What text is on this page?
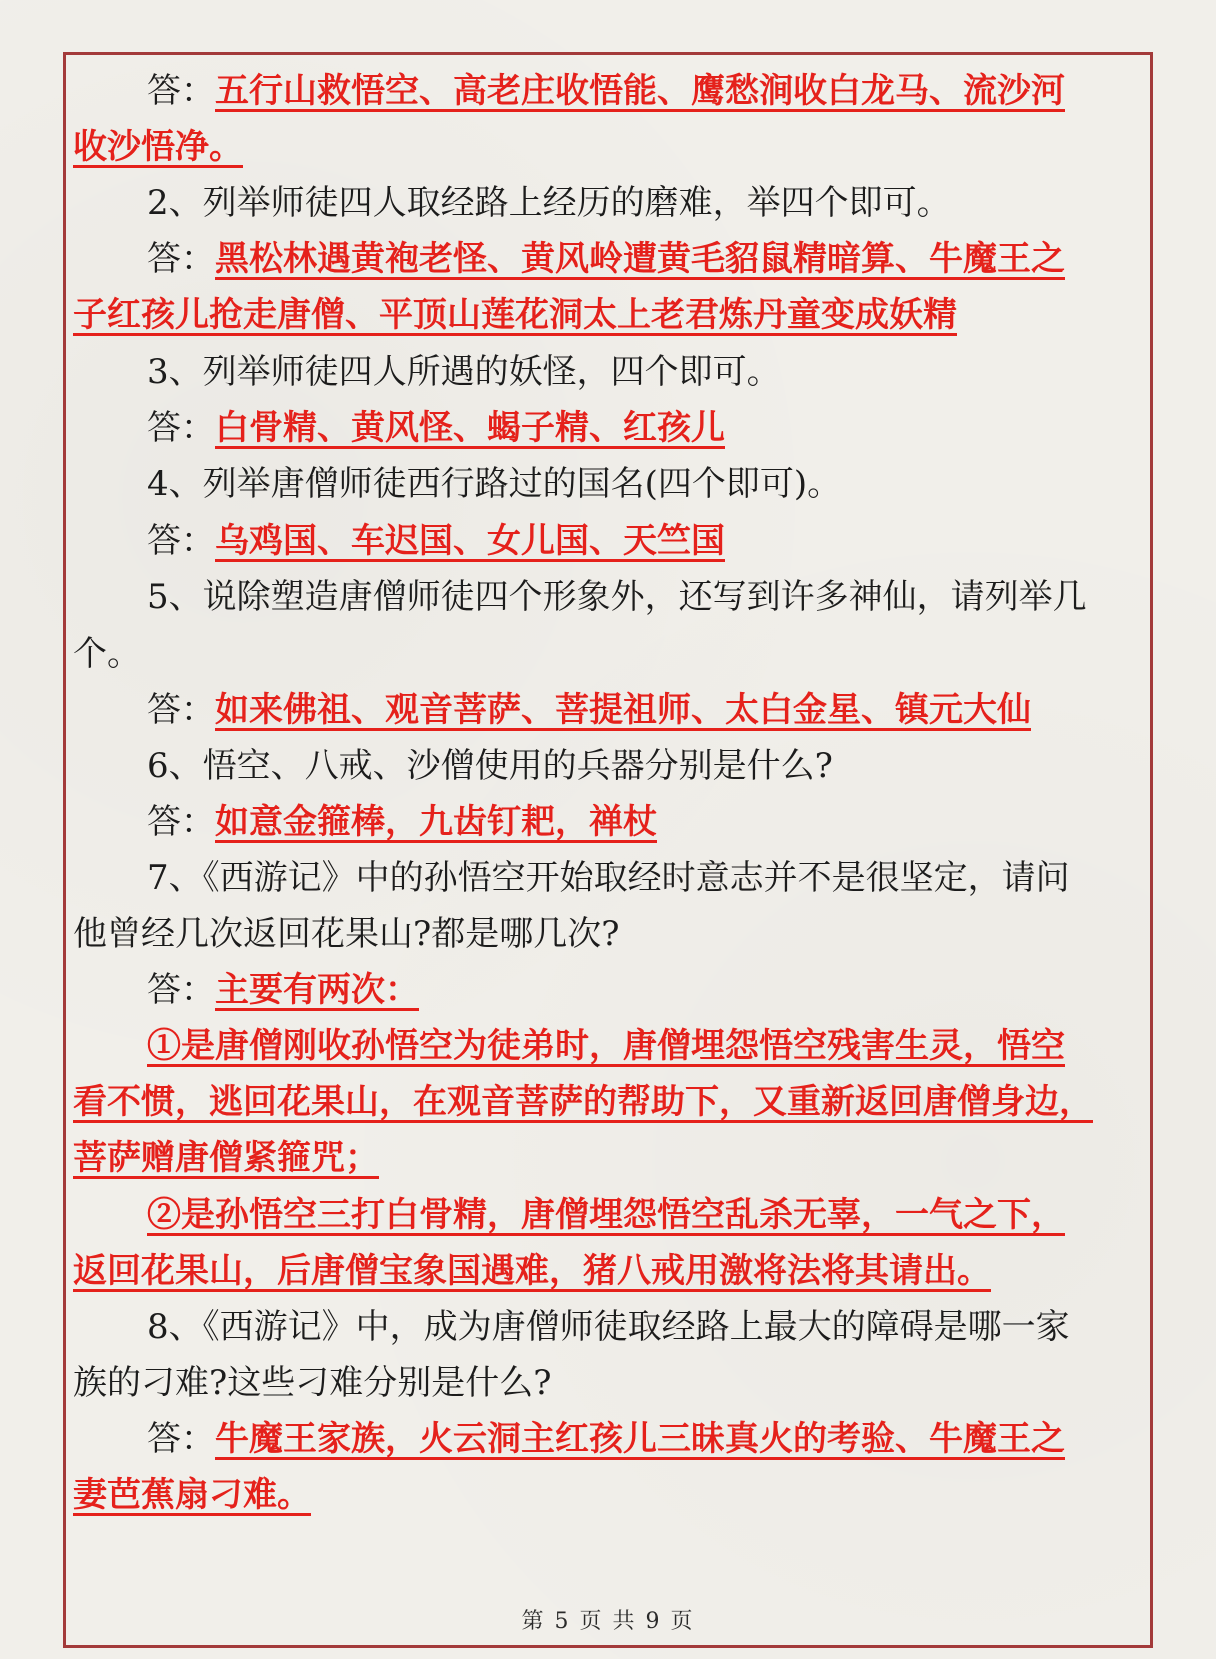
答：五行山救悟空、高老庄收悟能、鹰愁涧收白龙马、流沙河
收沙悟净。
2、列举师徒四人取经路上经历的磨难，举四个即可。
答：黑松林遇黄袍老怪、黄风岭遭黄毛貂鼠精暗算、牛魔王之
子红孩儿抢走唐僧、平顶山莲花洞太上老君炼丹童变成妖精
3、列举师徒四人所遇的妖怪，四个即可。
答：白骨精、黄风怪、蝎子精、红孩儿
4、列举唐僧师徒西行路过的国名(四个即可)。
答：乌鸡国、车迟国、女儿国、天竺国
5、说除塑造唐僧师徒四个形象外，还写到许多神仙，请列举几
个。
答：如来佛祖、观音菩萨、菩提祖师、太白金星、镇元大仙
6、悟空、八戒、沙僧使用的兵器分别是什么?
答：如意金箍棒，九齿钉耙，禅杖
7、《西游记》中的孙悟空开始取经时意志并不是很坚定，请问
他曾经几次返回花果山?都是哪几次?
答：主要有两次：
①是唐僧刚收孙悟空为徒弟时，唐僧埋怨悟空残害生灵，悟空
看不惯，逃回花果山，在观音菩萨的帮助下，又重新返回唐僧身边，
菩萨赠唐僧紧箍咒；
②是孙悟空三打白骨精，唐僧埋怨悟空乱杀无辜，一气之下，
返回花果山，后唐僧宝象国遇难，猪八戒用激将法将其请出。
8、《西游记》中，成为唐僧师徒取经路上最大的障碍是哪一家
族的刁难?这些刁难分别是什么?
答：牛魔王家族，火云洞主红孩儿三昧真火的考验、牛魔王之
妻芭蕉扇刁难。
第 5 页 共 9 页
